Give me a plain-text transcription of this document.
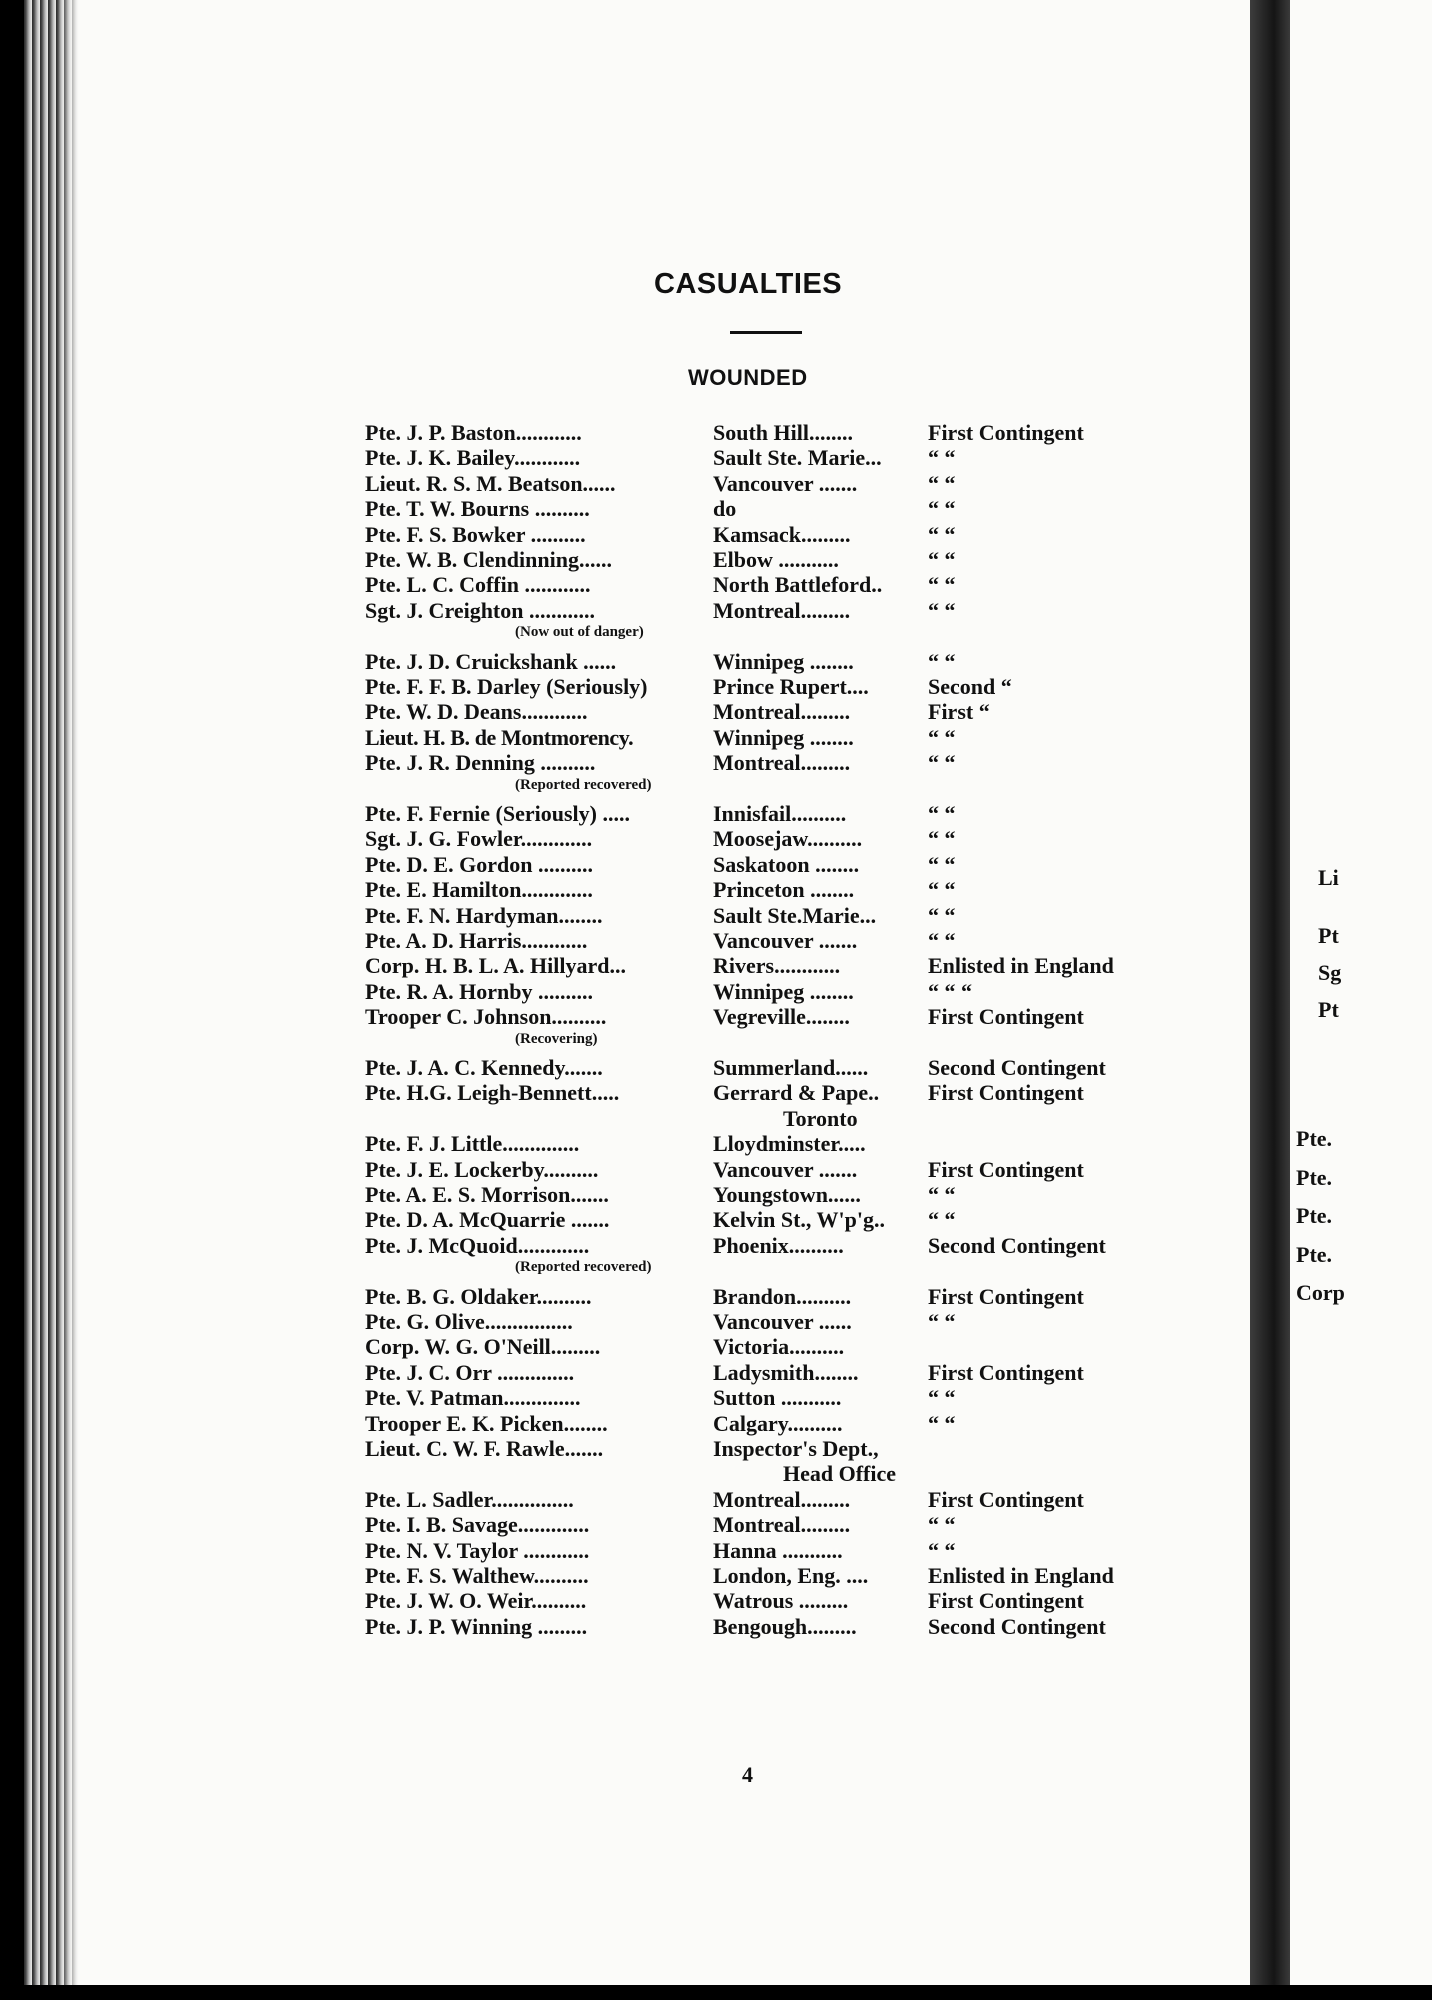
CASUALTIES
WOUNDED
Pte. J. P. Baston............	South Hill........	First Contingent
Pte. J. K. Bailey............	Sault Ste. Marie... “ “
Lieut. R. S. M. Beatson......	Vancouver .......	“ “
Pte. T. W. Bourns ..........	do	“ “
Pte. F. S. Bowker ..........	Kamsack.........	“ “
Pte. W. B. Clendinning......	Elbow ...........	“ “
Pte. L. C. Coffin ............	North Battleford.. “ “
Sgt. J. Creighton ............	Montreal.........	“ “
(Now out of danger)
Pte. J. D. Cruickshank ......	Winnipeg ........	“ “
Pte. F. F. B. Darley (Seriously)	Prince Rupert....	Second “
Pte. W. D. Deans............	Montreal.........	First “
Lieut. H. B. de Montmorency.	Winnipeg ........	“ “
Pte. J. R. Denning ..........	Montreal.........	“ “
(Reported recovered)
Pte. F. Fernie (Seriously) .....	Innisfail..........	“ “
Sgt. J. G. Fowler.............	Moosejaw..........	“ “
Pte. D. E. Gordon ..........	Saskatoon ........	“ “
Pte. E. Hamilton.............	Princeton ........	“ “
Pte. F. N. Hardyman........	Sault Ste.Marie... “ “
Pte. A. D. Harris............	Vancouver .......	“ “
Corp. H. B. L. A. Hillyard...	Rivers............	Enlisted in England
Pte. R. A. Hornby ..........	Winnipeg ........	“ “ “
Trooper C. Johnson..........	Vegreville........	First Contingent
(Recovering)
Pte. J. A. C. Kennedy.......	Summerland......	Second Contingent
Pte. H.G. Leigh-Bennett.....	Gerrard & Pape.. First Contingent
Toronto
Pte. F. J. Little..............	Lloydminster.....
Pte. J. E. Lockerby..........	Vancouver .......	First Contingent
Pte. A. E. S. Morrison.......	Youngstown......	“ “
Pte. D. A. McQuarrie .......	Kelvin St., W'p'g.. “ “
Pte. J. McQuoid.............	Phoenix..........	Second Contingent
(Reported recovered)
Pte. B. G. Oldaker..........	Brandon..........	First Contingent
Pte. G. Olive................	Vancouver ......	“ “
Corp. W. G. O'Neill.........	Victoria..........
Pte. J. C. Orr ..............	Ladysmith........	First Contingent
Pte. V. Patman..............	Sutton ...........	“ “
Trooper E. K. Picken........	Calgary..........	“ “
Lieut. C. W. F. Rawle.......	Inspector's Dept.,
Head Office
Pte. L. Sadler...............	Montreal.........	First Contingent
Pte. I. B. Savage.............	Montreal.........	“ “
Pte. N. V. Taylor ............	Hanna ...........	“ “
Pte. F. S. Walthew..........	London, Eng. ....	Enlisted in England
Pte. J. W. O. Weir..........	Watrous .........	First Contingent
Pte. J. P. Winning .........	Bengough.........	Second Contingent
4
Li
Pt
Sg
Pt
Pte.
Pte.
Pte.
Pte.
Corp
